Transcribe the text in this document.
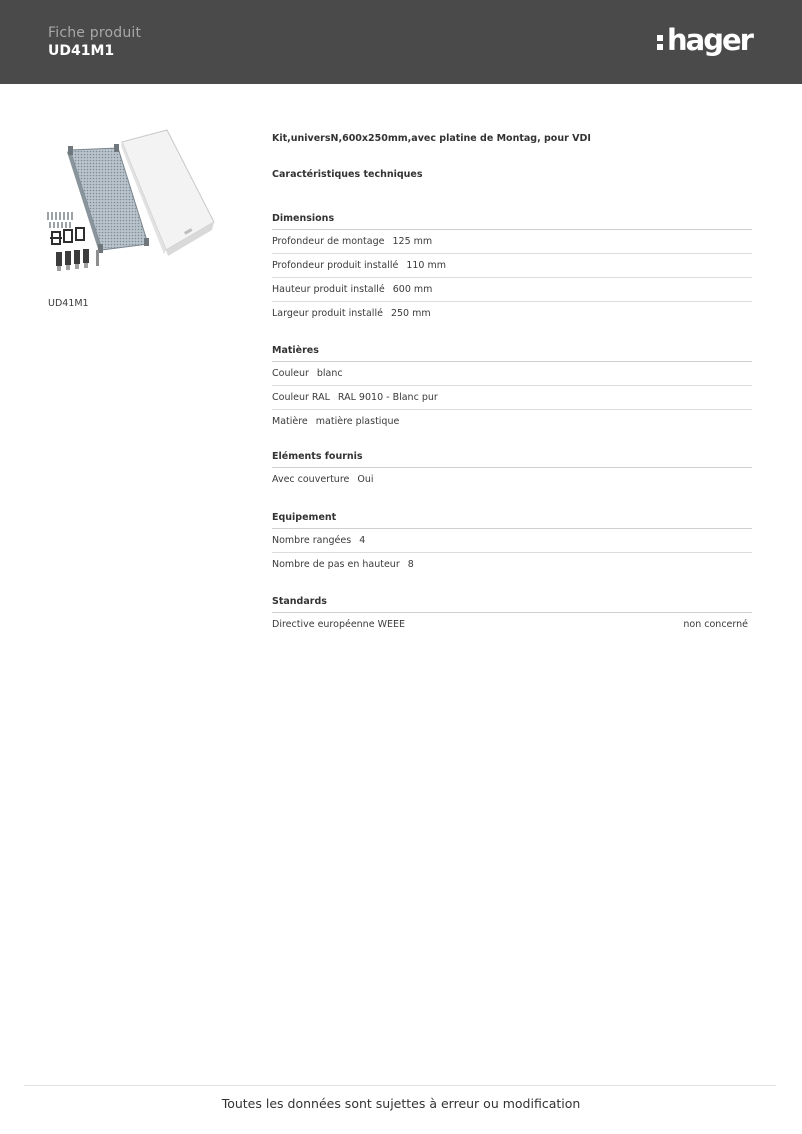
Fiche produit
UD41M1	hager
UD41M1
Kit,universN,600x250mm,avec platine de Montag, pour VDI
Caractéristiques techniques
Dimensions
Profondeur de montage 125 mm
Profondeur produit installé 110 mm
Hauteur produit installé 600 mm
Largeur produit installé 250 mm
Matières
Couleur blanc
Couleur RAL RAL 9010 - Blanc pur
Matière matière plastique
Eléments fournis
Avec couverture Oui
Equipement
Nombre rangées 4
Nombre de pas en hauteur 8
Standards
Directive européenne WEEE	non concerné
Toutes les données sont sujettes à erreur ou modification
